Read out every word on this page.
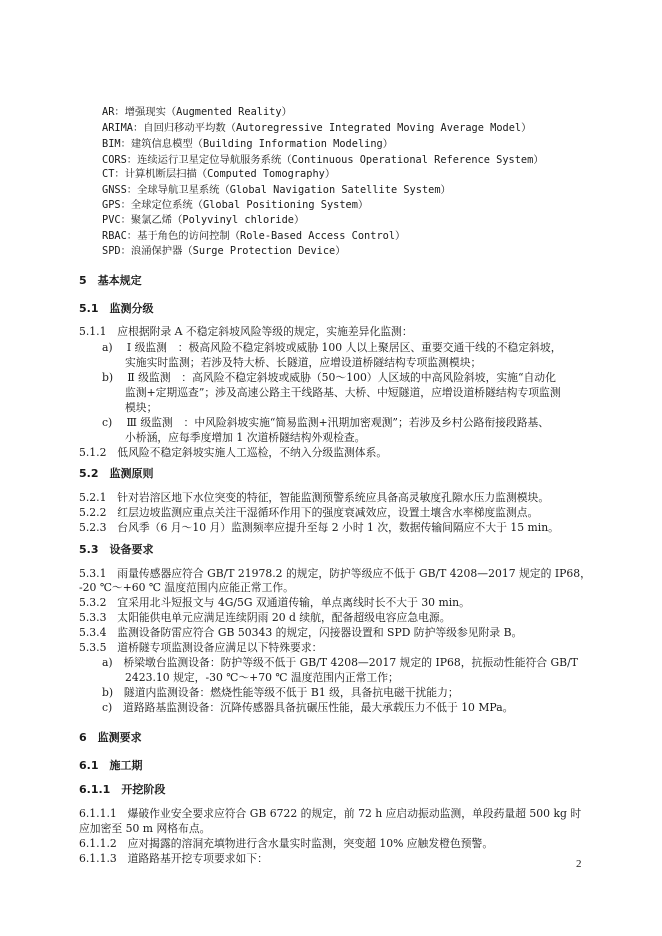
AR：增强现实（Augmented Reality）
ARIMA：自回归移动平均数（Autoregressive Integrated Moving Average Model）
BIM：建筑信息模型（Building Information Modeling）
CORS：连续运行卫星定位导航服务系统（Continuous Operational Reference System）
CT：计算机断层扫描（Computed Tomography）
GNSS：全球导航卫星系统（Global Navigation Satellite System）
GPS：全球定位系统（Global Positioning System）
PVC：聚氯乙烯（Polyvinyl chloride）
RBAC：基于角色的访问控制（Role-Based Access Control）
SPD：浪涌保护器（Surge Protection Device）
5　基本规定
5.1　监测分级
5.1.1　应根据附录 A 不稳定斜坡风险等级的规定，实施差异化监测：
a)　 Ⅰ 级监测　：极高风险不稳定斜坡或威胁 100 人以上聚居区、重要交通干线的不稳定斜坡，
实施实时监测；若涉及特大桥、长隧道，应增设道桥隧结构专项监测模块；
b)　 Ⅱ 级监测　：高风险不稳定斜坡或威胁（50～100）人区域的中高风险斜坡，实施“自动化
监测+定期巡查”；涉及高速公路主干线路基、大桥、中短隧道，应增设道桥隧结构专项监测
模块；
c)　 Ⅲ 级监测　：中风险斜坡实施“简易监测+汛期加密观测”；若涉及乡村公路衔接段路基、
小桥涵，应每季度增加 1 次道桥隧结构外观检查。
5.1.2　低风险不稳定斜坡实施人工巡检，不纳入分级监测体系。
5.2　监测原则
5.2.1　针对岩溶区地下水位突变的特征，智能监测预警系统应具备高灵敏度孔隙水压力监测模块。
5.2.2　红层边坡监测应重点关注干湿循环作用下的强度衰减效应，设置土壤含水率梯度监测点。
5.2.3　台风季（6 月～10 月）监测频率应提升至每 2 小时 1 次，数据传输间隔应不大于 15 min。
5.3　设备要求
5.3.1　雨量传感器应符合 GB/T 21978.2 的规定，防护等级应不低于 GB/T 4208—2017 规定的 IP68，
-20 ℃～+60 ℃ 温度范围内应能正常工作。
5.3.2　宜采用北斗短报文与 4G/5G 双通道传输，单点离线时长不大于 30 min。
5.3.3　太阳能供电单元应满足连续阴雨 20 d 续航，配备超级电容应急电源。
5.3.4　监测设备防雷应符合 GB 50343 的规定，闪接器设置和 SPD 防护等级参见附录 B。
5.3.5　道桥隧专项监测设备应满足以下特殊要求：
a)　桥梁墩台监测设备：防护等级不低于 GB/T 4208—2017 规定的 IP68，抗振动性能符合 GB/T
2423.10 规定，-30 ℃～+70 ℃ 温度范围内正常工作；
b)　隧道内监测设备：燃烧性能等级不低于 B1 级，具备抗电磁干扰能力；
c)　道路路基监测设备：沉降传感器具备抗碾压性能，最大承载压力不低于 10 MPa。
6　监测要求
6.1　施工期
6.1.1　开挖阶段
6.1.1.1　爆破作业安全要求应符合 GB 6722 的规定，前 72 h 应启动振动监测，单段药量超 500 kg 时
应加密至 50 m 网格布点。
6.1.1.2　应对揭露的溶洞充填物进行含水量实时监测，突变超 10% 应触发橙色预警。
6.1.1.3　道路路基开挖专项要求如下：	2
